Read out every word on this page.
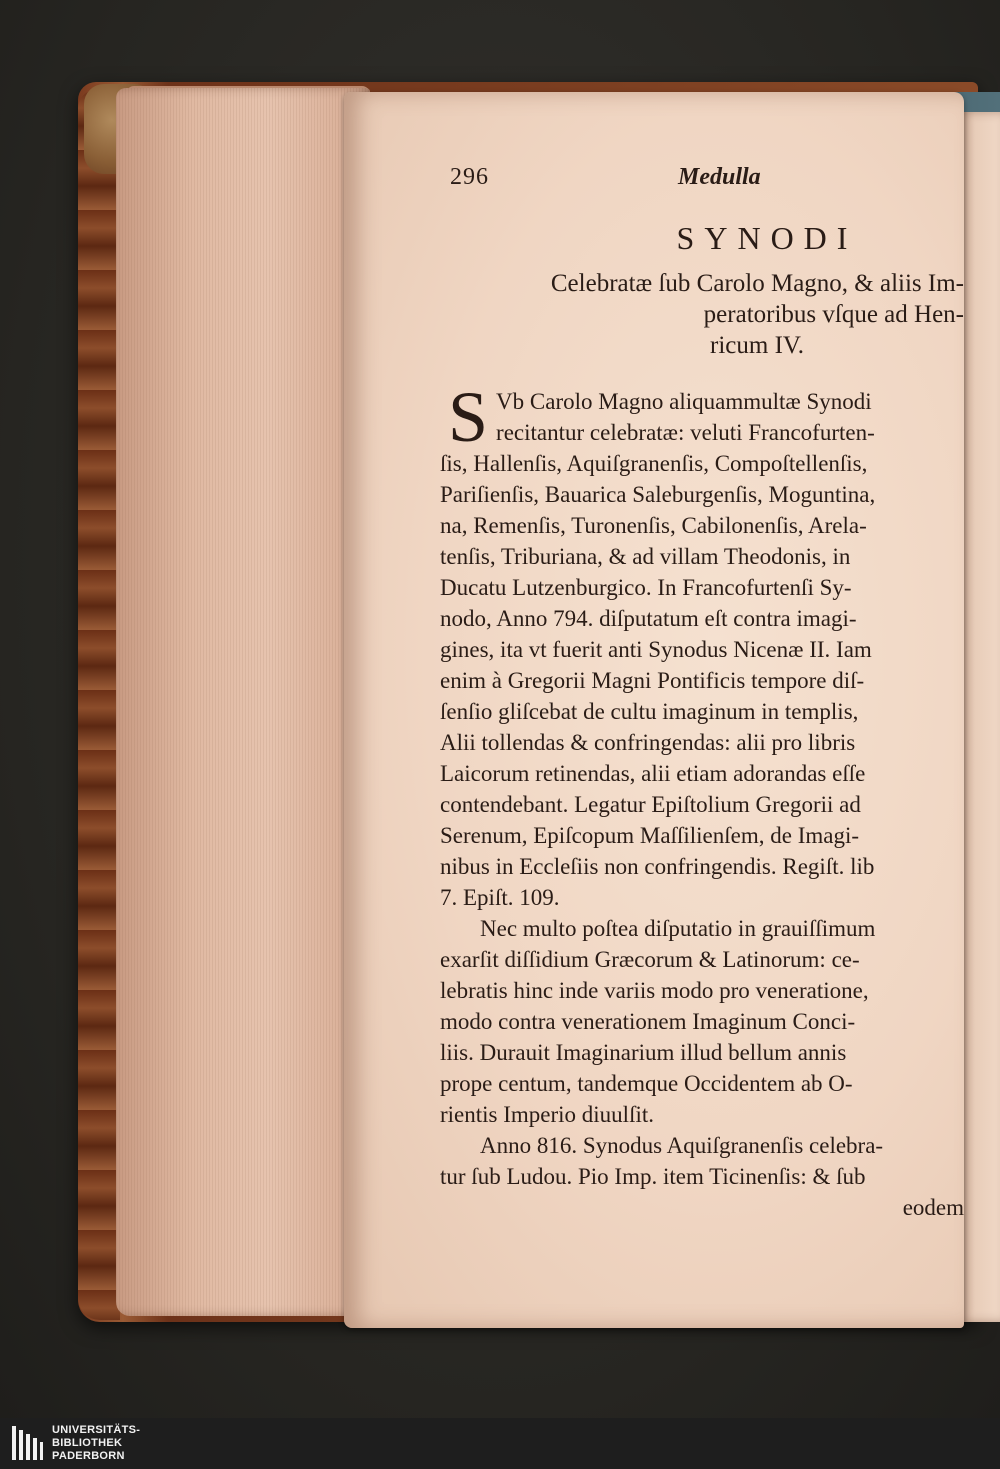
296	Medulla
SYNODI
Celebratæ ſub Carolo Magno, & aliis Im-
peratoribus vſque ad Hen-
ricum IV.

S Vb Carolo Magno aliquammultæ Synodi
recitantur celebratæ: veluti Francofurten-
ſis, Hallenſis, Aquiſgranenſis, Compoſtellenſis,
Pariſienſis, Bauarica Saleburgenſis, Moguntina,
na, Remenſis, Turonenſis, Cabilonenſis, Arela-
tenſis, Triburiana, & ad villam Theodonis, in
Ducatu Lutzenburgico. In Francofurtenſi Sy-
nodo, Anno 794. diſputatum eſt contra imagi-
gines, ita vt fuerit anti Synodus Nicenæ II. Iam
enim à Gregorii Magni Pontificis tempore diſ-
ſenſio gliſcebat de cultu imaginum in templis,
Alii tollendas & confringendas: alii pro libris
Laicorum retinendas, alii etiam adorandas eſſe
contendebant. Legatur Epiſtolium Gregorii ad
Serenum, Epiſcopum Maſſilienſem, de Imagi-
nibus in Eccleſiis non confringendis. Regiſt. lib
7. Epiſt. 109.

Nec multo poſtea diſputatio in grauiſſimum
exarſit diſſidium Græcorum & Latinorum: ce-
lebratis hinc inde variis modo pro veneratione,
modo contra venerationem Imaginum Conci-
liis. Durauit Imaginarium illud bellum annis
prope centum, tandemque Occidentem ab O-
rientis Imperio diuulſit.

Anno 816. Synodus Aquiſgranenſis celebra-
tur ſub Ludou. Pio Imp. item Ticinenſis: & ſub

eodem
UNIVERSITÄTS-
BIBLIOTHEK
PADERBORN
